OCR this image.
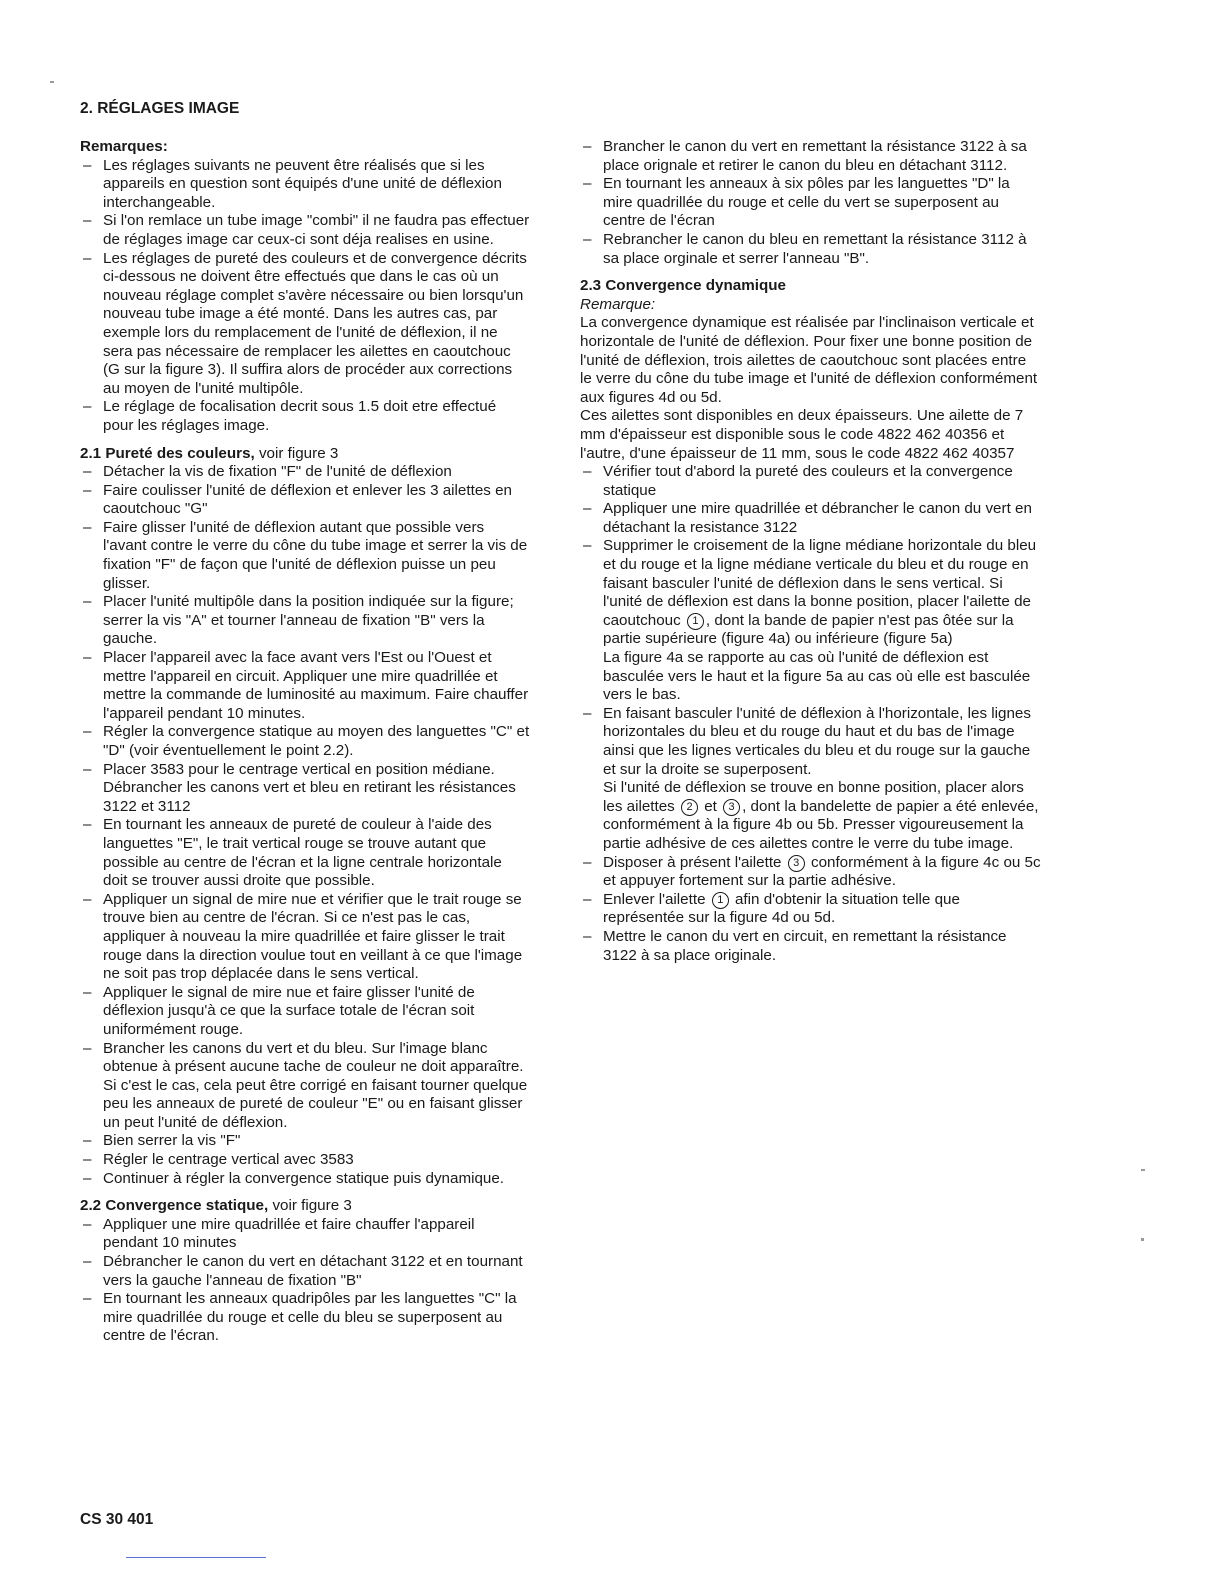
2. RÉGLAGES IMAGE
Remarques:
– Les réglages suivants ne peuvent être réalisés que si les appareils en question sont équipés d'une unité de déflexion interchangeable.
– Si l'on remlace un tube image "combi" il ne faudra pas effectuer de réglages image car ceux-ci sont déja realises en usine.
– Les réglages de pureté des couleurs et de convergence décrits ci-dessous ne doivent être effectués que dans le cas où un nouveau réglage complet s'avère nécessaire ou bien lorsqu'un nouveau tube image a été monté. Dans les autres cas, par exemple lors du remplacement de l'unité de déflexion, il ne sera pas nécessaire de remplacer les ailettes en caoutchouc (G sur la figure 3). Il suffira alors de procéder aux corrections au moyen de l'unité multipôle.
– Le réglage de focalisation decrit sous 1.5 doit etre effectué pour les réglages image.
2.1 Pureté des couleurs, voir figure 3
– Détacher la vis de fixation "F" de l'unité de déflexion
– Faire coulisser l'unité de déflexion et enlever les 3 ailettes en caoutchouc "G"
– Faire glisser l'unité de déflexion autant que possible vers l'avant contre le verre du cône du tube image et serrer la vis de fixation "F" de façon que l'unité de déflexion puisse un peu glisser.
– Placer l'unité multipôle dans la position indiquée sur la figure; serrer la vis "A" et tourner l'anneau de fixation "B" vers la gauche.
– Placer l'appareil avec la face avant vers l'Est ou l'Ouest et mettre l'appareil en circuit. Appliquer une mire quadrillée et mettre la commande de luminosité au maximum. Faire chauffer l'appareil pendant 10 minutes.
– Régler la convergence statique au moyen des languettes "C" et "D" (voir éventuellement le point 2.2).
– Placer 3583 pour le centrage vertical en position médiane. Débrancher les canons vert et bleu en retirant les résistances 3122 et 3112
– En tournant les anneaux de pureté de couleur à l'aide des languettes "E", le trait vertical rouge se trouve autant que possible au centre de l'écran et la ligne centrale horizontale doit se trouver aussi droite que possible.
– Appliquer un signal de mire nue et vérifier que le trait rouge se trouve bien au centre de l'écran. Si ce n'est pas le cas, appliquer à nouveau la mire quadrillée et faire glisser le trait rouge dans la direction voulue tout en veillant à ce que l'image ne soit pas trop déplacée dans le sens vertical.
– Appliquer le signal de mire nue et faire glisser l'unité de déflexion jusqu'à ce que la surface totale de l'écran soit uniformément rouge.
– Brancher les canons du vert et du bleu. Sur l'image blanc obtenue à présent aucune tache de couleur ne doit apparaître. Si c'est le cas, cela peut être corrigé en faisant tourner quelque peu les anneaux de pureté de couleur "E" ou en faisant glisser un peut l'unité de déflexion.
– Bien serrer la vis "F"
– Régler le centrage vertical avec 3583
– Continuer à régler la convergence statique puis dynamique.
2.2 Convergence statique, voir figure 3
– Appliquer une mire quadrillée et faire chauffer l'appareil pendant 10 minutes
– Débrancher le canon du vert en détachant 3122 et en tournant vers la gauche l'anneau de fixation "B"
– En tournant les anneaux quadripôles par les languettes "C" la mire quadrillée du rouge et celle du bleu se superposent au centre de l'écran.
– Brancher le canon du vert en remettant la résistance 3122 à sa place orignale et retirer le canon du bleu en détachant 3112.
– En tournant les anneaux à six pôles par les languettes "D" la mire quadrillée du rouge et celle du vert se superposent au centre de l'écran
– Rebrancher le canon du bleu en remettant la résistance 3112 à sa place orginale et serrer l'anneau "B".
2.3 Convergence dynamique
Remarque:

La convergence dynamique est réalisée par l'inclinaison verticale et horizontale de l'unité de déflexion. Pour fixer une bonne position de l'unité de déflexion, trois ailettes de caoutchouc sont placées entre le verre du cône du tube image et l'unité de déflexion conformément aux figures 4d ou 5d.

Ces ailettes sont disponibles en deux épaisseurs. Une ailette de 7 mm d'épaisseur est disponible sous le code 4822 462 40356 et l'autre, d'une épaisseur de 11 mm, sous le code 4822 462 40357

– Vérifier tout d'abord la pureté des couleurs et la convergence statique
– Appliquer une mire quadrillée et débrancher le canon du vert en détachant la resistance 3122
– Supprimer le croisement de la ligne médiane horizontale du bleu et du rouge et la ligne médiane verticale du bleu et du rouge en faisant basculer l'unité de déflexion dans le sens vertical. Si l'unité de déflexion est dans la bonne position, placer l'ailette de caoutchouc 1 , dont la bande de papier n'est pas ôtée sur la partie supérieure (figure 4a) ou inférieure (figure 5a)
La figure 4a se rapporte au cas où l'unité de déflexion est basculée vers le haut et la figure 5a au cas où elle est basculée vers le bas.
– En faisant basculer l'unité de déflexion à l'horizontale, les lignes horizontales du bleu et du rouge du haut et du bas de l'image ainsi que les lignes verticales du bleu et du rouge sur la gauche et sur la droite se superposent.
Si l'unité de déflexion se trouve en bonne position, placer alors les ailettes 2 et 3 , dont la bandelette de papier a été enlevée, conformément à la figure 4b ou 5b. Presser vigoureusement la partie adhésive de ces ailettes contre le verre du tube image.
– Disposer à présent l'ailette 3 conformément à la figure 4c ou 5c et appuyer fortement sur la partie adhésive.
– Enlever l'ailette 1 afin d'obtenir la situation telle que représentée sur la figure 4d ou 5d.
– Mettre le canon du vert en circuit, en remettant la résistance 3122 à sa place originale.
CS 30 401
